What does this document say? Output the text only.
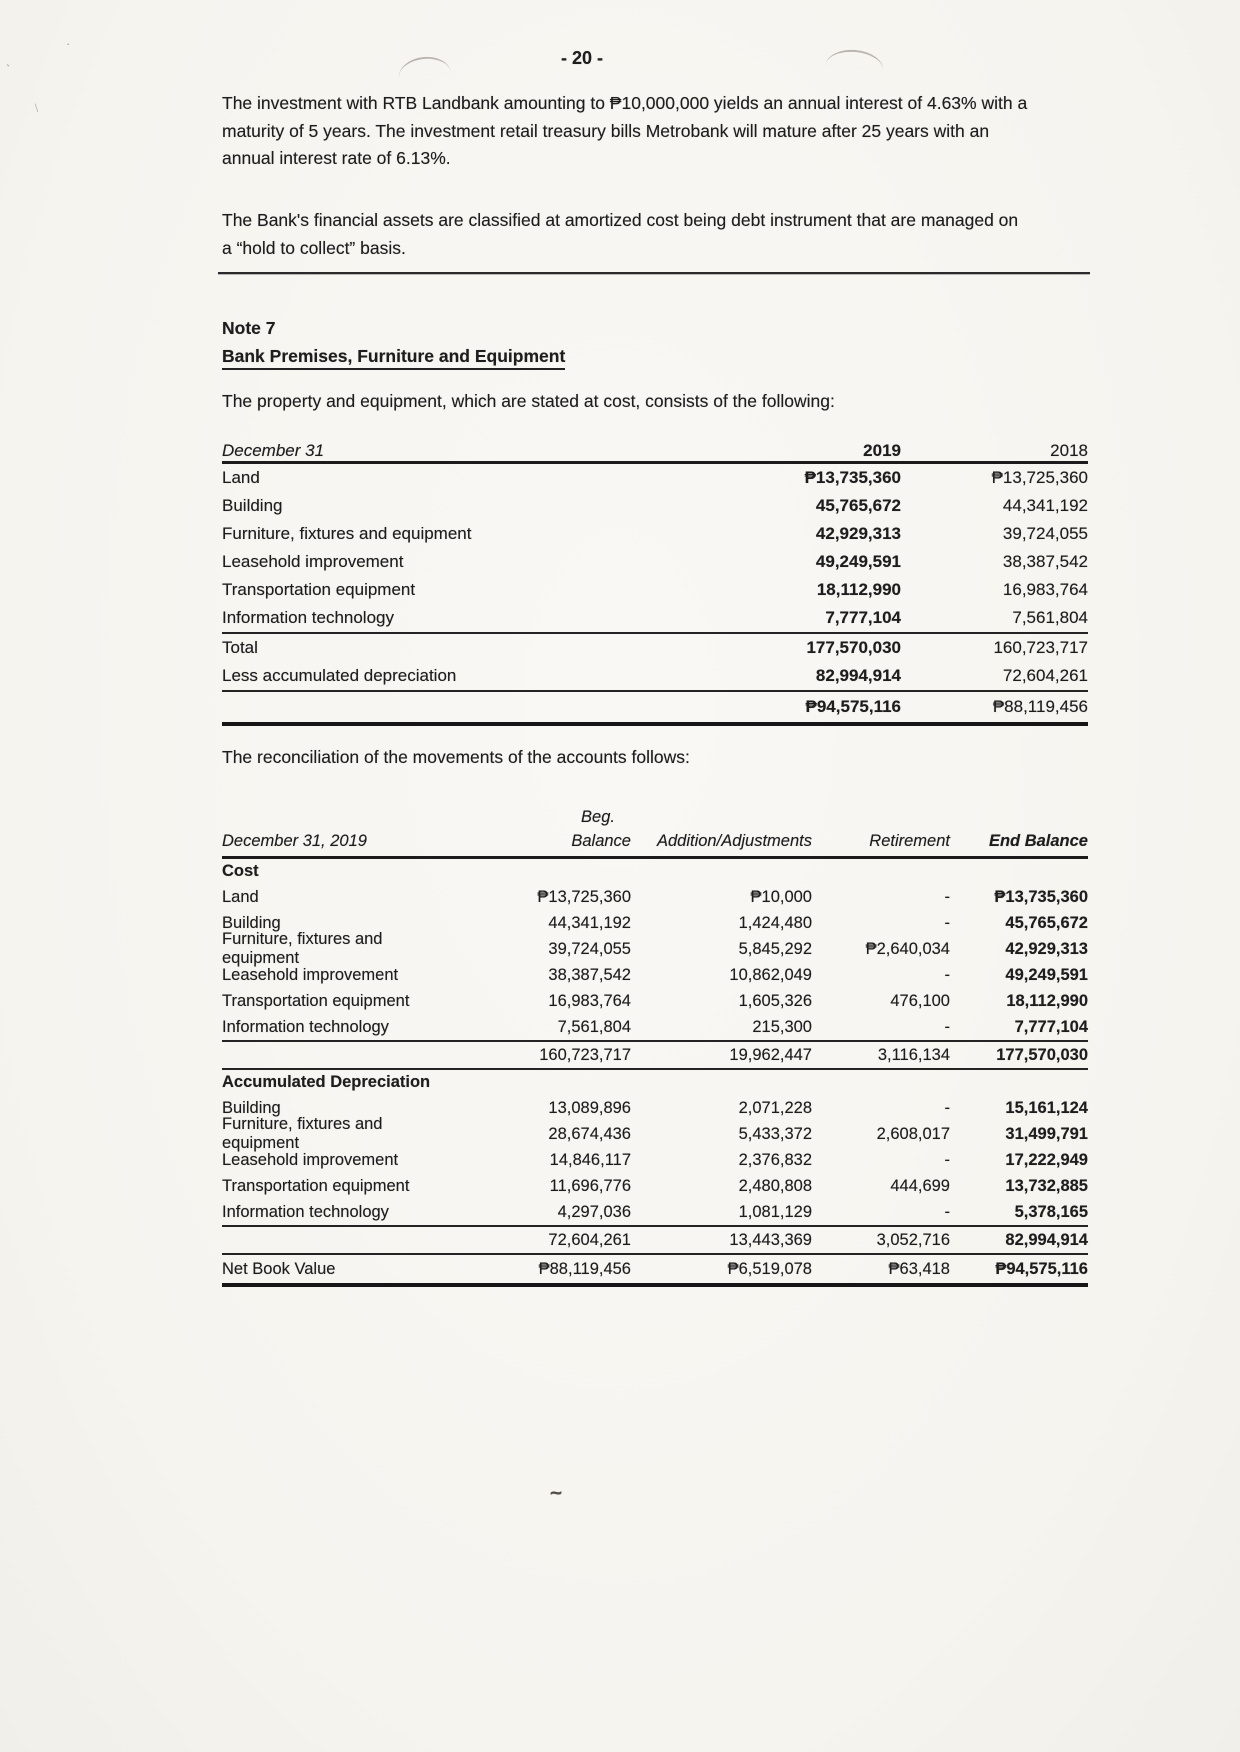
·
`
﹨
~
- 20 -
The investment with RTB Landbank amounting to ₱10,000,000 yields an annual interest of 4.63% with a
maturity of 5 years. The investment retail treasury bills Metrobank will mature after 25 years with an
annual interest rate of 6.13%.
The Bank's financial assets are classified at amortized cost being debt instrument that are managed on
a “hold to collect” basis.
Note 7
Bank Premises, Furniture and Equipment
The property and equipment, which are stated at cost, consists of the following:
December 31	2019	2018
Land	₱13,735,360	₱13,725,360
Building	45,765,672	44,341,192
Furniture, fixtures and equipment	42,929,313	39,724,055
Leasehold improvement	49,249,591	38,387,542
Transportation equipment	18,112,990	16,983,764
Information technology	7,777,104	7,561,804
Total	177,570,030	160,723,717
Less accumulated depreciation	82,994,914	72,604,261
₱94,575,116	₱88,119,456
The reconciliation of the movements of the accounts follows:
December 31, 2019
Beg.
Balance	Addition/Adjustments	Retirement	End Balance
Cost
Land	₱13,725,360	₱10,000	-	₱13,735,360
Building	44,341,192	1,424,480	-	45,765,672
Furniture, fixtures and equipment
39,724,055	5,845,292	₱2,640,034	42,929,313
Leasehold improvement	38,387,542	10,862,049	-	49,249,591
Transportation equipment	16,983,764	1,605,326	476,100	18,112,990
Information technology	7,561,804	215,300	-	7,777,104
160,723,717	19,962,447	3,116,134	177,570,030
Accumulated Depreciation
Building	13,089,896	2,071,228	-	15,161,124
Furniture, fixtures and equipment
28,674,436	5,433,372	2,608,017	31,499,791
Leasehold improvement	14,846,117	2,376,832	-	17,222,949
Transportation equipment	11,696,776	2,480,808	444,699	13,732,885
Information technology	4,297,036	1,081,129	-	5,378,165
72,604,261	13,443,369	3,052,716	82,994,914
Net Book Value	₱88,119,456	₱6,519,078	₱63,418	₱94,575,116
